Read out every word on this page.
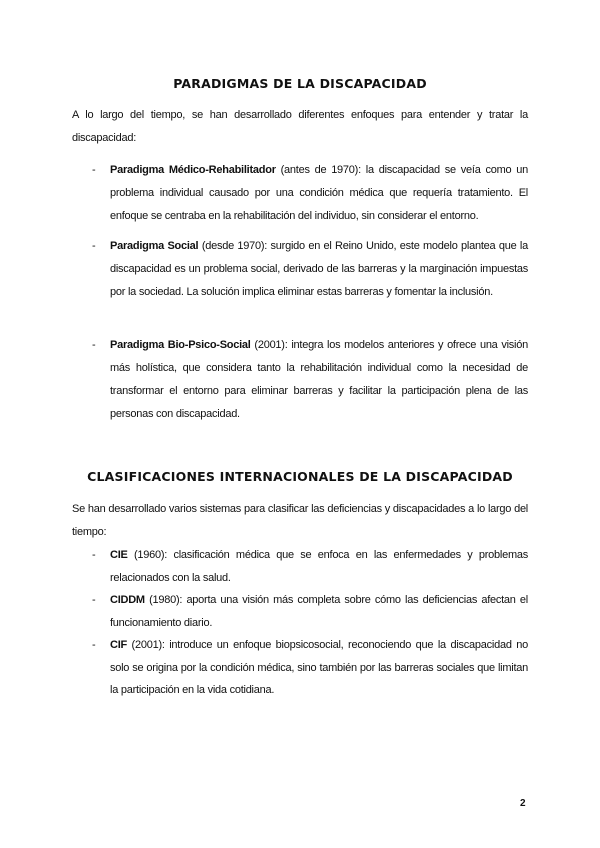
PARADIGMAS DE LA DISCAPACIDAD
A lo largo del tiempo, se han desarrollado diferentes enfoques para entender y tratar la discapacidad:
- Paradigma Médico-Rehabilitador (antes de 1970): la discapacidad se veía como un problema individual causado por una condición médica que requería tratamiento. El enfoque se centraba en la rehabilitación del individuo, sin considerar el entorno.
- Paradigma Social (desde 1970): surgido en el Reino Unido, este modelo plantea que la discapacidad es un problema social, derivado de las barreras y la marginación impuestas por la sociedad. La solución implica eliminar estas barreras y fomentar la inclusión.
- Paradigma Bio-Psico-Social (2001): integra los modelos anteriores y ofrece una visión más holística, que considera tanto la rehabilitación individual como la necesidad de transformar el entorno para eliminar barreras y facilitar la participación plena de las personas con discapacidad.
CLASIFICACIONES INTERNACIONALES DE LA DISCAPACIDAD
Se han desarrollado varios sistemas para clasificar las deficiencias y discapacidades a lo largo del tiempo:
- CIE (1960): clasificación médica que se enfoca en las enfermedades y problemas relacionados con la salud.
- CIDDM (1980): aporta una visión más completa sobre cómo las deficiencias afectan el funcionamiento diario.
- CIF (2001): introduce un enfoque biopsicosocial, reconociendo que la discapacidad no solo se origina por la condición médica, sino también por las barreras sociales que limitan la participación en la vida cotidiana.
2
